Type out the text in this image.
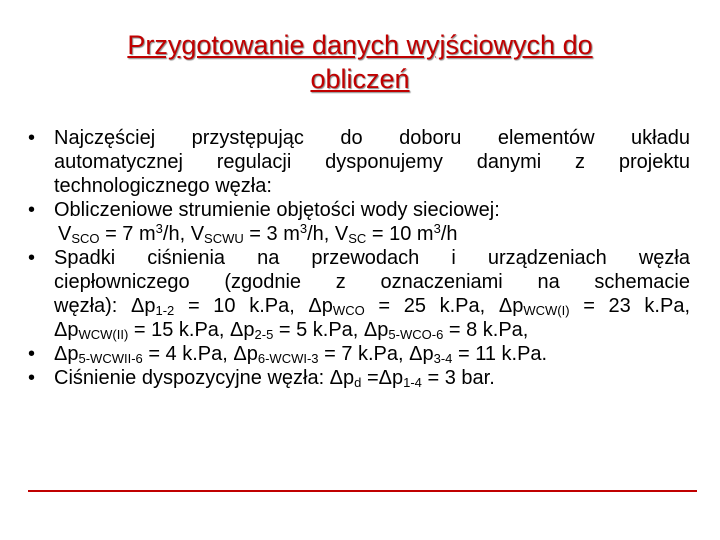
Przygotowanie danych wyjściowych do
obliczeń
• Najczęściej przystępując do doboru elementów układu
automatycznej regulacji dysponujemy danymi z projektu
technologicznego węzła:
• Obliczeniowe strumienie objętości wody sieciowej:
$V_{SCO} = 7$ $m^3/h$, $V_{SCWU} = 3$ $m^3/h$, $V_{SC} = 10$ $m^3/h$
• Spadki ciśnienia na przewodach i urządzeniach węzła
ciepłowniczego (zgodnie z oznaczeniami na schemacie
węzła): $\Delta p_{1-2} = 10$ k.Pa, $\Delta p_{WCO} = 25$ k.Pa, $\Delta p_{WCW(I)} = 23$ k.Pa,
$\Delta p_{WCW(II)} = 15$ k.Pa, $\Delta p_{2-5} = 5$ k.Pa, $\Delta p_{5-WCO-6} = 8$ k.Pa,
• $\Delta p_{5-WCWII-6} = 4$ k.Pa, $\Delta p_{6-WCWI-3} = 7$ k.Pa, $\Delta p_{3-4} = 11$ k.Pa.
• Ciśnienie dyspozycyjne węzła: $\Delta p_d =\Delta p_{1-4} = 3$ bar.
